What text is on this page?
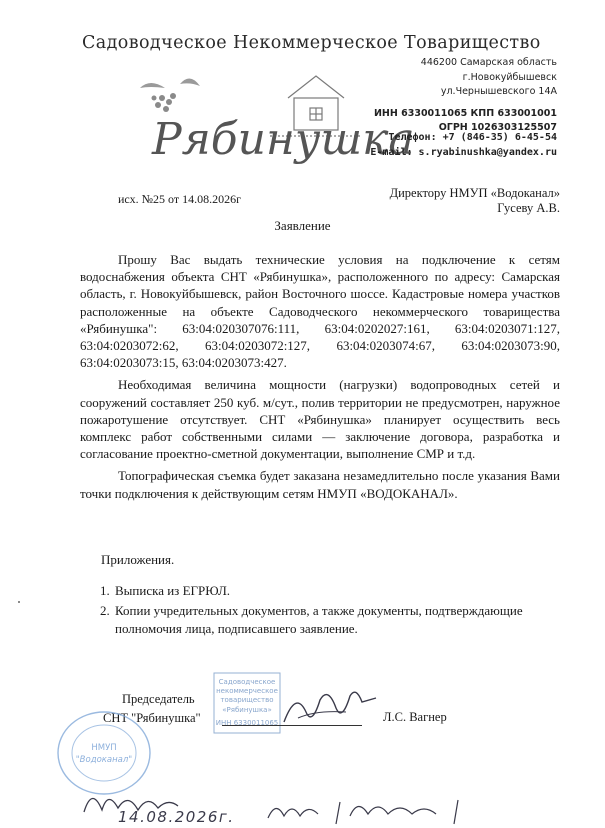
Садоводческое Некоммерческое Товарищество
Рябинушка
446200 Самарская область
г.Новокуйбышевск
ул.Чернышевского 14А
ИНН 6330011065 КПП 633001001
ОГРН 1026303125507
Телефон: +7 (846-35) 6-45-54
E-mail: s.ryabinushka@yandex.ru
исх. №25 от 14.08.2026г	Директору НМУП «Водоканал»
Гусеву А.В.
Заявление

Прошу Вас выдать технические условия на подключение к сетям водоснабжения объекта СНТ «Рябинушка», расположенного по адресу: Самарская область, г. Новокуйбышевск, район Восточного шоссе. Кадастровые номера участков расположенные на объекте Садоводческого некоммерческого товарищества «Рябинушка": 63:04:020307076:111, 63:04:0202027:161, 63:04:0203071:127, 63:04:0203072:62, 63:04:0203072:127, 63:04:0203074:67, 63:04:0203073:90, 63:04:0203073:15, 63:04:0203073:427.

Необходимая величина мощности (нагрузки) водопроводных сетей и сооружений составляет 250 куб. м/сут., полив территории не предусмотрен, наружное пожаротушение отсутствует. СНТ «Рябинушка» планирует осуществить весь комплекс работ собственными силами — заключение договора, разработка и согласование проектно-сметной документации, выполнение СМР и т.д.

Топографическая съемка будет заказана незамедлительно после указания Вами точки подключения к действующим сетям НМУП «ВОДОКАНАЛ».

Приложения.
1. Выписка из ЕГРЮЛ.
2. Копии учредительных документов, а также документы, подтверждающие полномочия лица, подписавшего заявление.
Садоводческое
некоммерческое
товарищество
«Рябинушка»
ИНН 6330011065
Председатель
СНТ "Рябинушка"	Л.С. Вагнер
НМУП
"Водоканал"
14.08.2026г.
